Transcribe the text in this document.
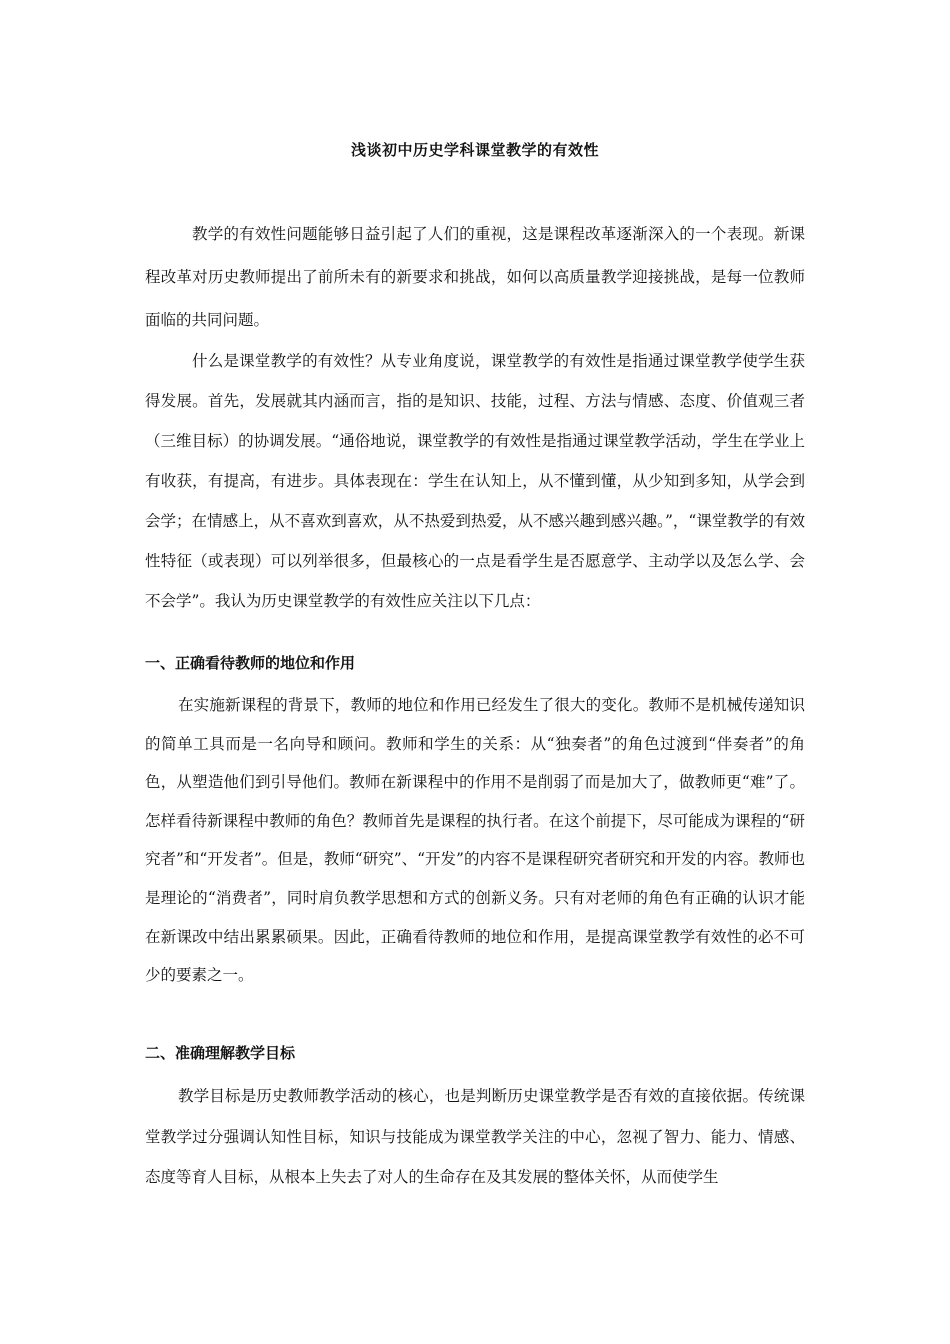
浅谈初中历史学科课堂教学的有效性

教学的有效性问题能够日益引起了人们的重视，这是课程改革逐渐深入的一个表现。新课程改革对历史教师提出了前所未有的新要求和挑战，如何以高质量教学迎接挑战，是每一位教师面临的共同问题。

什么是课堂教学的有效性？从专业角度说，课堂教学的有效性是指通过课堂教学使学生获得发展。首先，发展就其内涵而言，指的是知识、技能，过程、方法与情感、态度、价值观三者（三维目标）的协调发展。“通俗地说，课堂教学的有效性是指通过课堂教学活动，学生在学业上有收获，有提高，有进步。具体表现在：学生在认知上，从不懂到懂，从少知到多知，从学会到会学；在情感上，从不喜欢到喜欢，从不热爱到热爱，从不感兴趣到感兴趣。”，“课堂教学的有效性特征（或表现）可以列举很多，但最核心的一点是看学生是否愿意学、主动学以及怎么学、会不会学”。我认为历史课堂教学的有效性应关注以下几点：

一、正确看待教师的地位和作用

在实施新课程的背景下，教师的地位和作用已经发生了很大的变化。教师不是机械传递知识的简单工具而是一名向导和顾问。教师和学生的关系：从“独奏者”的角色过渡到“伴奏者”的角色，从塑造他们到引导他们。教师在新课程中的作用不是削弱了而是加大了，做教师更“难”了。怎样看待新课程中教师的角色？教师首先是课程的执行者。在这个前提下，尽可能成为课程的“研究者”和“开发者”。但是，教师“研究”、“开发”的内容不是课程研究者研究和开发的内容。教师也是理论的“消费者”，同时肩负教学思想和方式的创新义务。只有对老师的角色有正确的认识才能在新课改中结出累累硕果。因此，正确看待教师的地位和作用，是提高课堂教学有效性的必不可少的要素之一。

二、准确理解教学目标

教学目标是历史教师教学活动的核心，也是判断历史课堂教学是否有效的直接依据。传统课堂教学过分强调认知性目标，知识与技能成为课堂教学关注的中心，忽视了智力、能力、情感、态度等育人目标，从根本上失去了对人的生命存在及其发展的整体关怀，从而使学生
